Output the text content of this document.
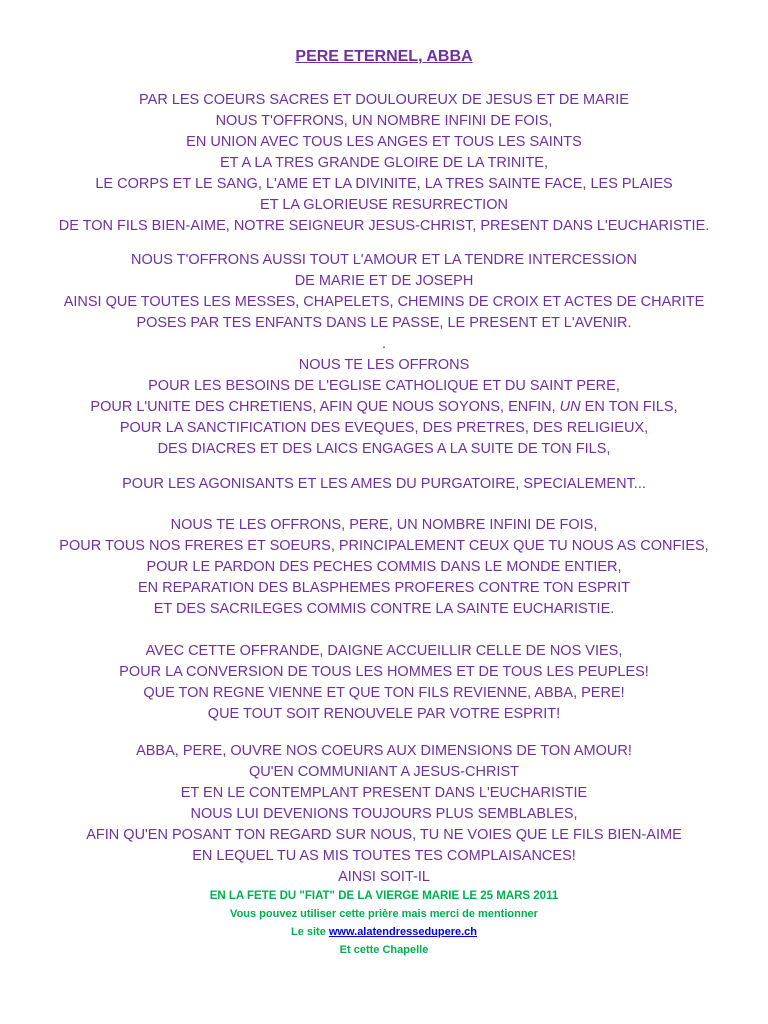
PERE ETERNEL, ABBA
PAR LES COEURS SACRES ET DOULOUREUX DE JESUS ET DE MARIE
NOUS T'OFFRONS, UN NOMBRE INFINI DE FOIS,
EN UNION AVEC TOUS LES ANGES ET TOUS LES SAINTS
ET A LA TRES GRANDE GLOIRE DE LA TRINITE,
LE CORPS ET LE SANG, L'AME ET LA DIVINITE, LA TRES SAINTE FACE, LES PLAIES
ET LA GLORIEUSE RESURRECTION
DE TON FILS BIEN-AIME, NOTRE SEIGNEUR JESUS-CHRIST, PRESENT DANS L'EUCHARISTIE.
NOUS T'OFFRONS AUSSI TOUT L'AMOUR ET LA TENDRE INTERCESSION
DE MARIE ET DE JOSEPH
AINSI QUE TOUTES LES MESSES, CHAPELETS, CHEMINS DE CROIX ET ACTES DE CHARITE
POSES PAR TES ENFANTS DANS LE PASSE, LE PRESENT ET L'AVENIR.
.
NOUS TE LES OFFRONS
POUR LES BESOINS DE L'EGLISE CATHOLIQUE ET DU SAINT PERE,
POUR L'UNITE DES CHRETIENS, AFIN QUE NOUS SOYONS, ENFIN, UN EN TON FILS,
POUR LA SANCTIFICATION DES EVEQUES, DES PRETRES, DES RELIGIEUX,
DES DIACRES ET DES LAICS ENGAGES A LA SUITE DE TON FILS,
POUR LES AGONISANTS ET LES AMES DU PURGATOIRE, SPECIALEMENT...
NOUS TE LES OFFRONS, PERE, UN NOMBRE INFINI DE FOIS,
POUR TOUS NOS FRERES ET SOEURS, PRINCIPALEMENT CEUX QUE TU NOUS AS CONFIES,
POUR LE PARDON DES PECHES COMMIS DANS LE MONDE ENTIER,
EN REPARATION DES BLASPHEMES PROFERES CONTRE TON ESPRIT
ET DES SACRILEGES COMMIS CONTRE LA SAINTE EUCHARISTIE.
AVEC CETTE OFFRANDE, DAIGNE ACCUEILLIR CELLE DE NOS VIES,
POUR LA CONVERSION DE TOUS LES HOMMES ET DE TOUS LES PEUPLES!
QUE TON REGNE VIENNE ET QUE TON FILS REVIENNE, ABBA, PERE!
QUE TOUT SOIT RENOUVELE PAR VOTRE ESPRIT!
ABBA, PERE, OUVRE NOS COEURS AUX DIMENSIONS DE TON AMOUR!
QU'EN COMMUNIANT A JESUS-CHRIST
ET EN LE CONTEMPLANT PRESENT DANS L'EUCHARISTIE
NOUS LUI DEVENIONS TOUJOURS PLUS SEMBLABLES,
AFIN QU'EN POSANT TON REGARD SUR NOUS, TU NE VOIES QUE LE FILS BIEN-AIME
EN LEQUEL TU AS MIS TOUTES TES COMPLAISANCES!
AINSI SOIT-IL
EN LA FETE DU "FIAT" DE LA VIERGE MARIE LE 25 MARS 2011
Vous pouvez utiliser cette prière mais merci de mentionner
Le site www.alatendressedupere.ch
Et cette Chapelle
